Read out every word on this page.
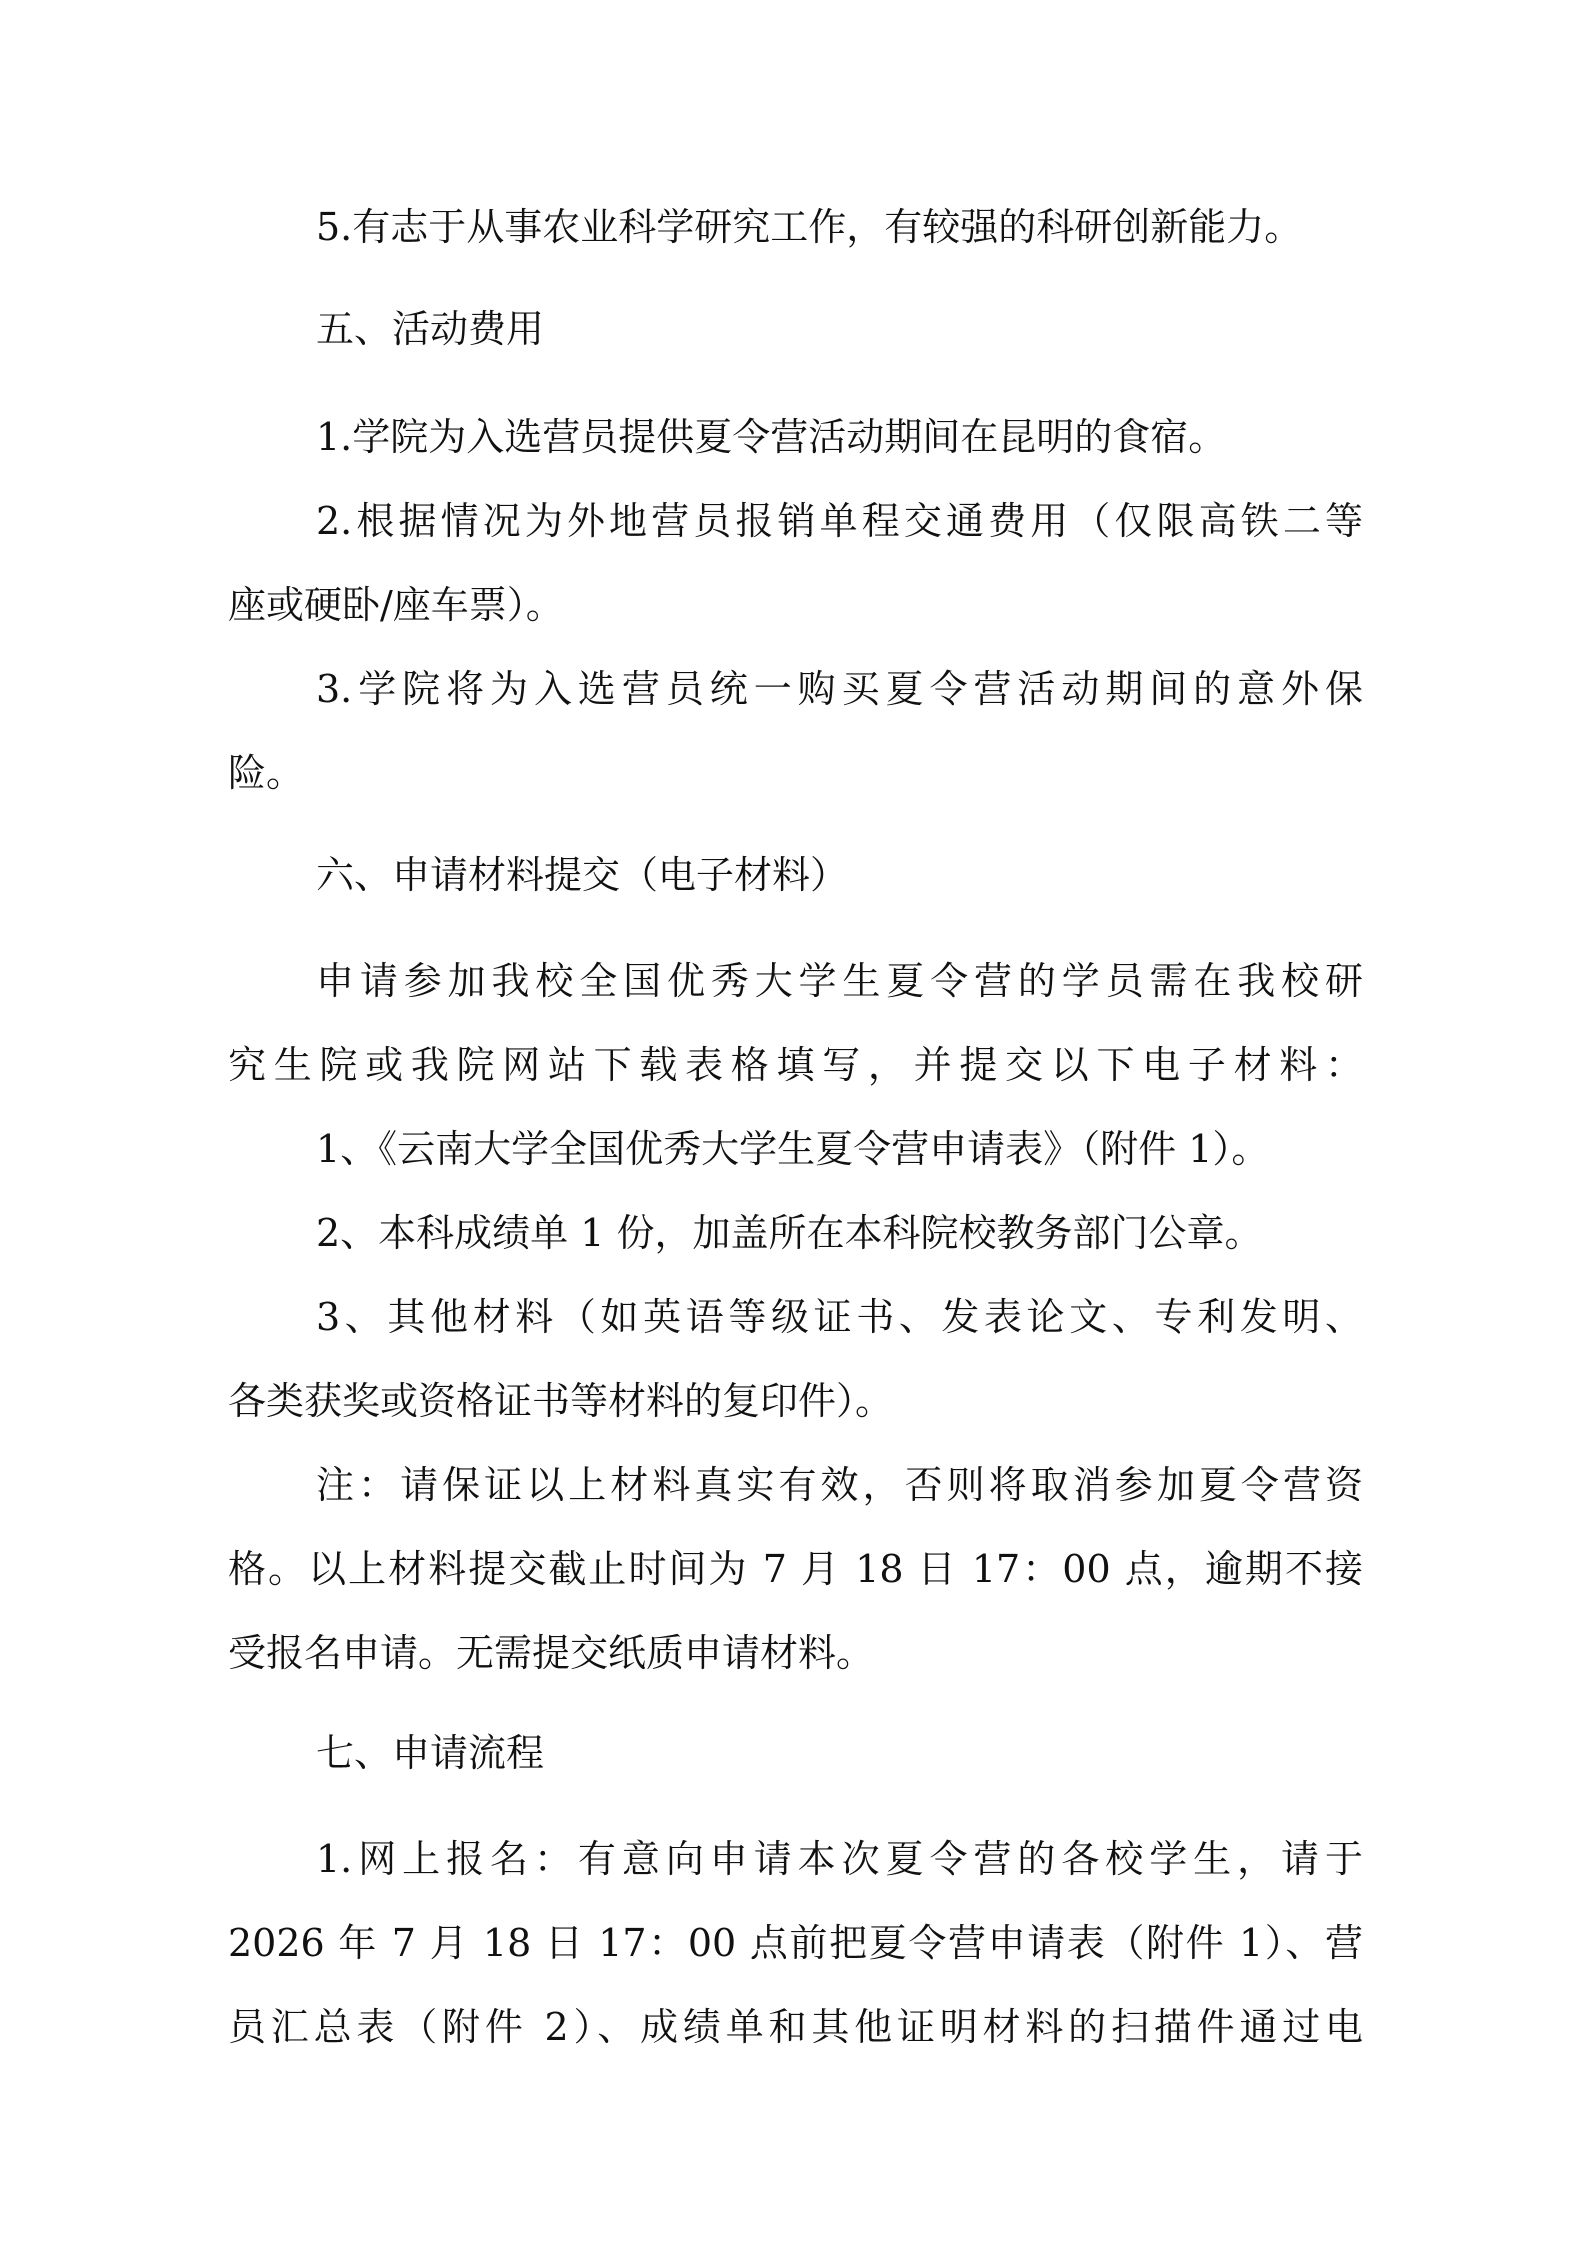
5.有志于从事农业科学研究工作，有较强的科研创新能力。

五、活动费用

1.学院为入选营员提供夏令营活动期间在昆明的食宿。

2.根据情况为外地营员报销单程交通费用（仅限高铁二等

座或硬卧/座车票）。

3.学院将为入选营员统一购买夏令营活动期间的意外保

险。

六、申请材料提交（电子材料）

申请参加我校全国优秀大学生夏令营的学员需在我校研

究生院或我院网站下载表格填写，并提交以下电子材料：

1、《云南大学全国优秀大学生夏令营申请表》（附件 1）。

2、本科成绩单 1 份，加盖所在本科院校教务部门公章。

3、其他材料（如英语等级证书、发表论文、专利发明、

各类获奖或资格证书等材料的复印件）。

注：请保证以上材料真实有效，否则将取消参加夏令营资

格。以上材料提交截止时间为 7 月 18 日 17：00 点，逾期不接

受报名申请。无需提交纸质申请材料。

七、申请流程

1.网上报名：有意向申请本次夏令营的各校学生，请于

2026 年 7 月 18 日 17：00 点前把夏令营申请表（附件 1）、营

员汇总表（附件 2）、成绩单和其他证明材料的扫描件通过电
